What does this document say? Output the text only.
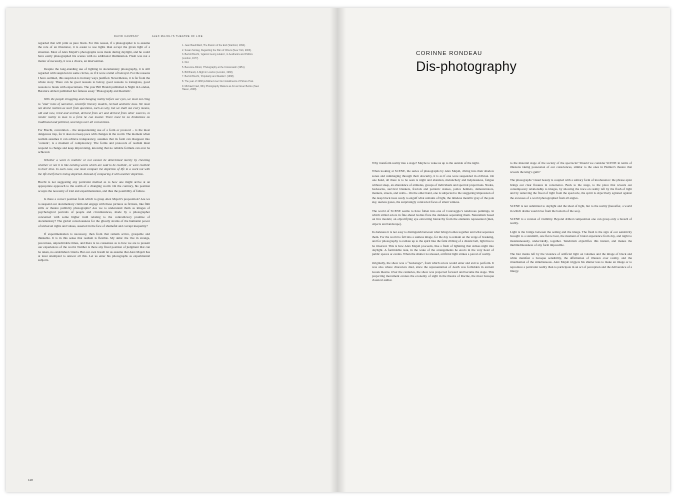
DAVID CAMPANY	ALEX MAJOLI’S THEATRE OF LIFE

regarded that will print as pure black. For this reason, if a photographer is to assume the role of an illustrator, it is easier to use lights than accept the given light of a situation. Most of Alex Majoli’s photographs were made during daylight, and he could have easily photographed his scenes with no additional illumination. Flash was not a matter of necessity, it was a choice, an intervention.

Despite the long-standing use of lighting in documentary photography, it is still regarded with suspicion in some circles, as if it were a kind of betrayal. For the reasons I have outlined, this suspicion is in many ways justified. Nevertheless, it is far from the whole story. There can be good reasons to betray, good reasons to transgress, good reasons to break with expectations. The year Bill Brandt published A Night in London, Berenice Abbott published her famous essay ‘Photography and Realism’.

With the people struggling and changing reality before our eyes, we must not cling to ‘vital’ rules of narrative, scientific literary models, revived aesthetic laws. We must not devise realism as such from questions, such as why, but we shall use every means, old and new, tried and untried, derived from art and derived from other sources, to render reality to man in a form he can master. There must be no limitations on traditional and political, sovereign over all conventions.

For Brecht, convention – the unquestioning use of a form or protocol – is the most dangerous trap, for it does not keep pace with changes in the world. The moment when realism assumes it can achieve transparency, assumes that its form can disappear into ‘content’, is a moment of complacency. The forms and protocols of realism must respond to change and keep improvising, knowing that no reliable formula can ever be achieved.

Whether a work is realistic or not cannot be determined merely by checking whether or not it is like existing works which are said to be realistic, or were realistic in their time. In each case, one must compare the depiction of life in a work not with the life itself that is being depicted. Instead of comparing it with another depiction.

Brecht is not suggesting any particular method as to how one might arrive at an appropriate approach to the realm of a changing world. On the contrary, his position accepts the necessity of trial and experimentation, and thus the possibility of failure.

Is there a correct position from which to grasp Alex Majoli’s proposition? Are we to suspend our documentary claim and engage with these pictures as fictions, like film stills or theatre publicity photographs? Are we to understand them as images of psychological portraits of people and circumstances, made by a photographer concerned with some higher truth relating to the contradictory promise of documentary? The global consciousness for the ghostly strains of the humanist power of universal rights and values, asserted in the face of shameful and corrupt inequality?

If experimentation is necessary, then from that remain active, graspable and thinkable. It is in this sense that realism is flexible. My aims: the live in strange, precarious, unpredictable times, and there is no consensus as to how we are to present our experiences of the world. Neither is there any fixed position of judgment that can be taken, no established criteria. But our own breath let us assume that Alex Majoli has at least attempted to answer all this. Let us enter his photographs as experimental subjects.

1. Jean Baudrillard, The Illusion of the End (Stanford, 1994).

2. Susan Sontag, Regarding the Pain of Others (New York, 2003).

3. Bertolt Brecht, ‘Against Georg Lukács’, in Aesthetics and Politics (London, 1977).

4. Ibid.

5. Berenice Abbott, ‘Photography at the Crossroads’ (1951).

6. Bill Brandt, A Night in London (London, 1938).

7. Bertolt Brecht, ‘Popularity and Realism’ (1938).

8. The year of 1938 published over four installments of Picture Post.

9. Michael Fried, Why Photography Matters as Art as Never Before (New Haven, 2008).

118
CORINNE RONDEAU
Dis-photography

Why transform reality into a stage? Maybe to wake us up to the outside of the night.

When looking at SCENE, the series of photographs by Alex Majoli, diving into their shadow zones and rummaging through their obscurity, it is as if one were suspended in oblivion. On one hand, all there is to be seen is night and abandon, melancholy and helplessness, fatigue without sleep, an abundance of attitudes, groups of individuals and spectral projections. Nudes, backsacks, survival blankets, fractals and patriotic statues, police helmets, demonstrators, markets, streets, and walls... On the other hand, one is subjected to the staggering impression of the deep black trees ready to engulf what remains of light, the timeless metallic grey of the pale sky, useless gazes, the surprisingly contracted faces of silent witness.

The world of SCENE seems to have fallen into one of Caravaggio’s tenebrous paintings, in which stilled actors in fine ahead bodies flare the darkness separating them. Naturalism based on live models; an objectifying eye extracting hierarchy from the elements represented (men, objects and landscape).

In darkness it is not easy to distinguish between what brings bodies together and what separates them. For the world to fall into a sunless image, for the day to remain on the verge of breaking, and for photography to radiate up to the spirit like the faint ribbing of a distant bell, light has to be inverted. This is how Alex Majoli proceeds, like a flash of lightning that strikes night into daylight. A formidable task, in the wake of the arrangements he erects in the very heart of public spaces or events. When the shutter is released, artificial light strikes a parcel of reality.

Originally, the show was a “backstage”, from which actors would enter and exit to perform. It was also where characters died, since the representation of death was forbidden in ancient Greek theatre. Over the centuries, the show was projected forward and became the stage. This projecting movement evokes the economy of sight in the theatre of Racine, the most baroque classical author.

to the material stage of the society of the spectacle? Should we consider SCENE in terms of illusions taking possession of our consciences, similar to the ones in Hamlet’s theatre that reveals the king’s guilt?

The photographs’ visual beauty is coupled with a subtary form of incoherence: the phrase aplar brings out clear fissures in conscience. Back to the stage, to the place that reveals our contemporary relationship to images, by showing the trace on reality left by the flash of light and by removing the flood of light from the spectacle, the spirit is objectively agitated against the excesses of a world photographed from all angles.

SCENE is not submitted to daylight and the ideal of light, but to the reality (hereafter, a world in which drama would rise from the bottom of the sea).

SCENE is a version of visibility. Beyond drilled composition one can grasp only a breach of reality.

Light is the bridge between the setting and the image. The flash is the sign of our sensitivity brought to a standstill, one fierce beat, the moment of brutal experience from day, and night to instantaneously, undecidedly, together. Tenebrism objectifies this instant, and makes the multitudinousness of any form impossible.

The blot marks left by the violence of artificial light on volumes and the image of black and white manifest a baroque sensibility, the affirmation of illusion over reality, and the ritualisation of the simultaneous. Alex Majoli triggers his shutter less to make an image or to reproduce a particular reality than to participate in an act of perception and the deliverance of a liturgy.
